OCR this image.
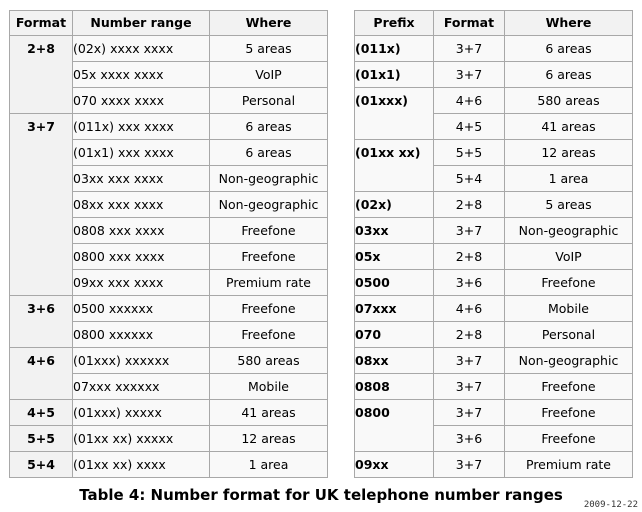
Format	Number range	Where
2+8	(02x) xxxx xxxx	5 areas
	05x xxxx xxxx	VoIP
	070 xxxx xxxx	Personal
3+7	(011x) xxx xxxx	6 areas
	(01x1) xxx xxxx	6 areas
	03xx xxx xxxx	Non-geographic
	08xx xxx xxxx	Non-geographic
	0808 xxx xxxx	Freefone
	0800 xxx xxxx	Freefone
	09xx xxx xxxx	Premium rate
3+6	0500 xxxxxx	Freefone
	0800 xxxxxx	Freefone
4+6	(01xxx) xxxxxx	580 areas
	07xxx xxxxxx	Mobile
4+5	(01xxx) xxxxx	41 areas
5+5	(01xx xx) xxxxx	12 areas
5+4	(01xx xx) xxxx	1 area
Prefix	Format	Where
(011x)	3+7	6 areas
(01x1)	3+7	6 areas
(01xxx)	4+6	580 areas
	4+5	41 areas
(01xx xx)	5+5	12 areas
	5+4	1 area
(02x)	2+8	5 areas
03xx	3+7	Non-geographic
05x	2+8	VoIP
0500	3+6	Freefone
07xxx	4+6	Mobile
070	2+8	Personal
08xx	3+7	Non-geographic
0808	3+7	Freefone
0800	3+7	Freefone
	3+6	Freefone
09xx	3+7	Premium rate
Table 4: Number format for UK telephone number ranges
2009-12-22
